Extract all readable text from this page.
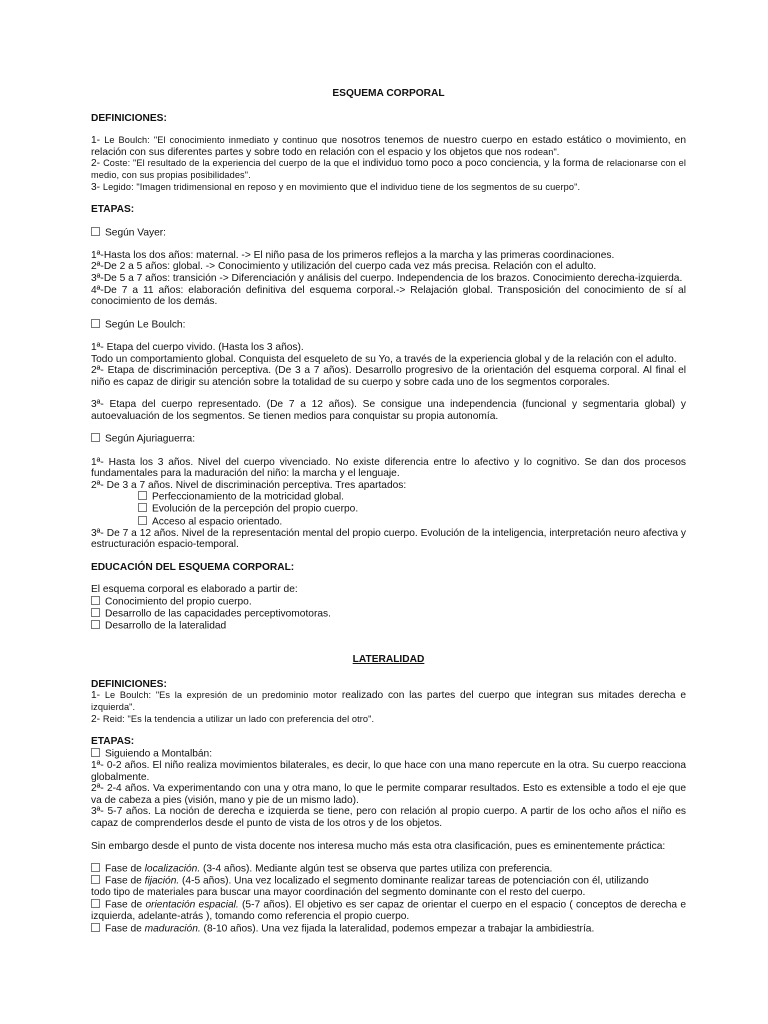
ESQUEMA CORPORAL
DEFINICIONES:

1- Le Boulch: "El conocimiento inmediato y continuo que nosotros tenemos de nuestro cuerpo en estado estático o movimiento, en relación con sus diferentes partes y sobre todo en relación con el espacio y los objetos que nos rodean".

2- Coste: "El resultado de la experiencia del cuerpo de la que el individuo tomo poco a poco conciencia, y la forma de relacionarse con el medio, con sus propias posibilidades".

3- Legido: "Imagen tridimensional en reposo y en movimiento que el individuo tiene de los segmentos de su cuerpo".

ETAPAS:

Según Vayer:

1ª-Hasta los dos años: maternal. -> El niño pasa de los primeros reflejos a la marcha y las primeras coordinaciones.

2ª-De 2 a 5 años: global. -> Conocimiento y utilización del cuerpo cada vez más precisa. Relación con el adulto.

3ª-De 5 a 7 años: transición -> Diferenciación y análisis del cuerpo. Independencia de los brazos. Conocimiento derecha-izquierda.

4ª-De 7 a 11 años: elaboración definitiva del esquema corporal.-> Relajación global. Transposición del conocimiento de sí al conocimiento de los demás.

Según Le Boulch:

1ª- Etapa del cuerpo vivido. (Hasta los 3 años).

Todo un comportamiento global. Conquista del esqueleto de su Yo, a través de la experiencia global y de la relación con el adulto.

2ª- Etapa de discriminación perceptiva. (De 3 a 7 años). Desarrollo progresivo de la orientación del esquema corporal. Al final el niño es capaz de dirigir su atención sobre la totalidad de su cuerpo y sobre cada uno de los segmentos corporales.

3ª- Etapa del cuerpo representado. (De 7 a 12 años). Se consigue una independencia (funcional y segmentaria global) y autoevaluación de los segmentos. Se tienen medios para conquistar su propia autonomía.

Según Ajuriaguerra:

1ª- Hasta los 3 años. Nivel del cuerpo vivenciado. No existe diferencia entre lo afectivo y lo cognitivo. Se dan dos procesos fundamentales para la maduración del niño: la marcha y el lenguaje.

2ª- De 3 a 7 años. Nivel de discriminación perceptiva. Tres apartados:

Perfeccionamiento de la motricidad global.

Evolución de la percepción del propio cuerpo.

Acceso al espacio orientado.

3ª- De 7 a 12 años. Nivel de la representación mental del propio cuerpo. Evolución de la inteligencia, interpretación neuro afectiva y estructuración espacio-temporal.

EDUCACIÓN DEL ESQUEMA CORPORAL:

El esquema corporal es elaborado a partir de:

Conocimiento del propio cuerpo.

Desarrollo de las capacidades perceptivomotoras.

Desarrollo de la lateralidad

LATERALIDAD
DEFINICIONES:

1- Le Boulch: "Es la expresión de un predominio motor realizado con las partes del cuerpo que integran sus mitades derecha e izquierda".

2- Reid: "Es la tendencia a utilizar un lado con preferencia del otro".

ETAPAS:

Siguiendo a Montalbán:

1ª- 0-2 años. El niño realiza movimientos bilaterales, es decir, lo que hace con una mano repercute en la otra. Su cuerpo reacciona globalmente.

2ª- 2-4 años. Va experimentando con una y otra mano, lo que le permite comparar resultados. Esto es extensible a todo el eje que va de cabeza a pies (visión, mano y pie de un mismo lado).

3ª- 5-7 años. La noción de derecha e izquierda se tiene, pero con relación al propio cuerpo. A partir de los ocho años el niño es capaz de comprenderlos desde el punto de vista de los otros y de los objetos.

Sin embargo desde el punto de vista docente nos interesa mucho más esta otra clasificación, pues es eminentemente práctica:

Fase de localización. (3-4 años). Mediante algún test se observa que partes utiliza con preferencia.

Fase de fijación. (4-5 años). Una vez localizado el segmento dominante realizar tareas de potenciación con él, utilizando

todo tipo de materiales para buscar una mayor coordinación del segmento dominante con el resto del cuerpo.

Fase de orientación espacial. (5-7 años). El objetivo es ser capaz de orientar el cuerpo en el espacio ( conceptos de derecha e izquierda, adelante-atrás ), tomando como referencia el propio cuerpo.

Fase de maduración. (8-10 años). Una vez fijada la lateralidad, podemos empezar a trabajar la ambidiestría.
